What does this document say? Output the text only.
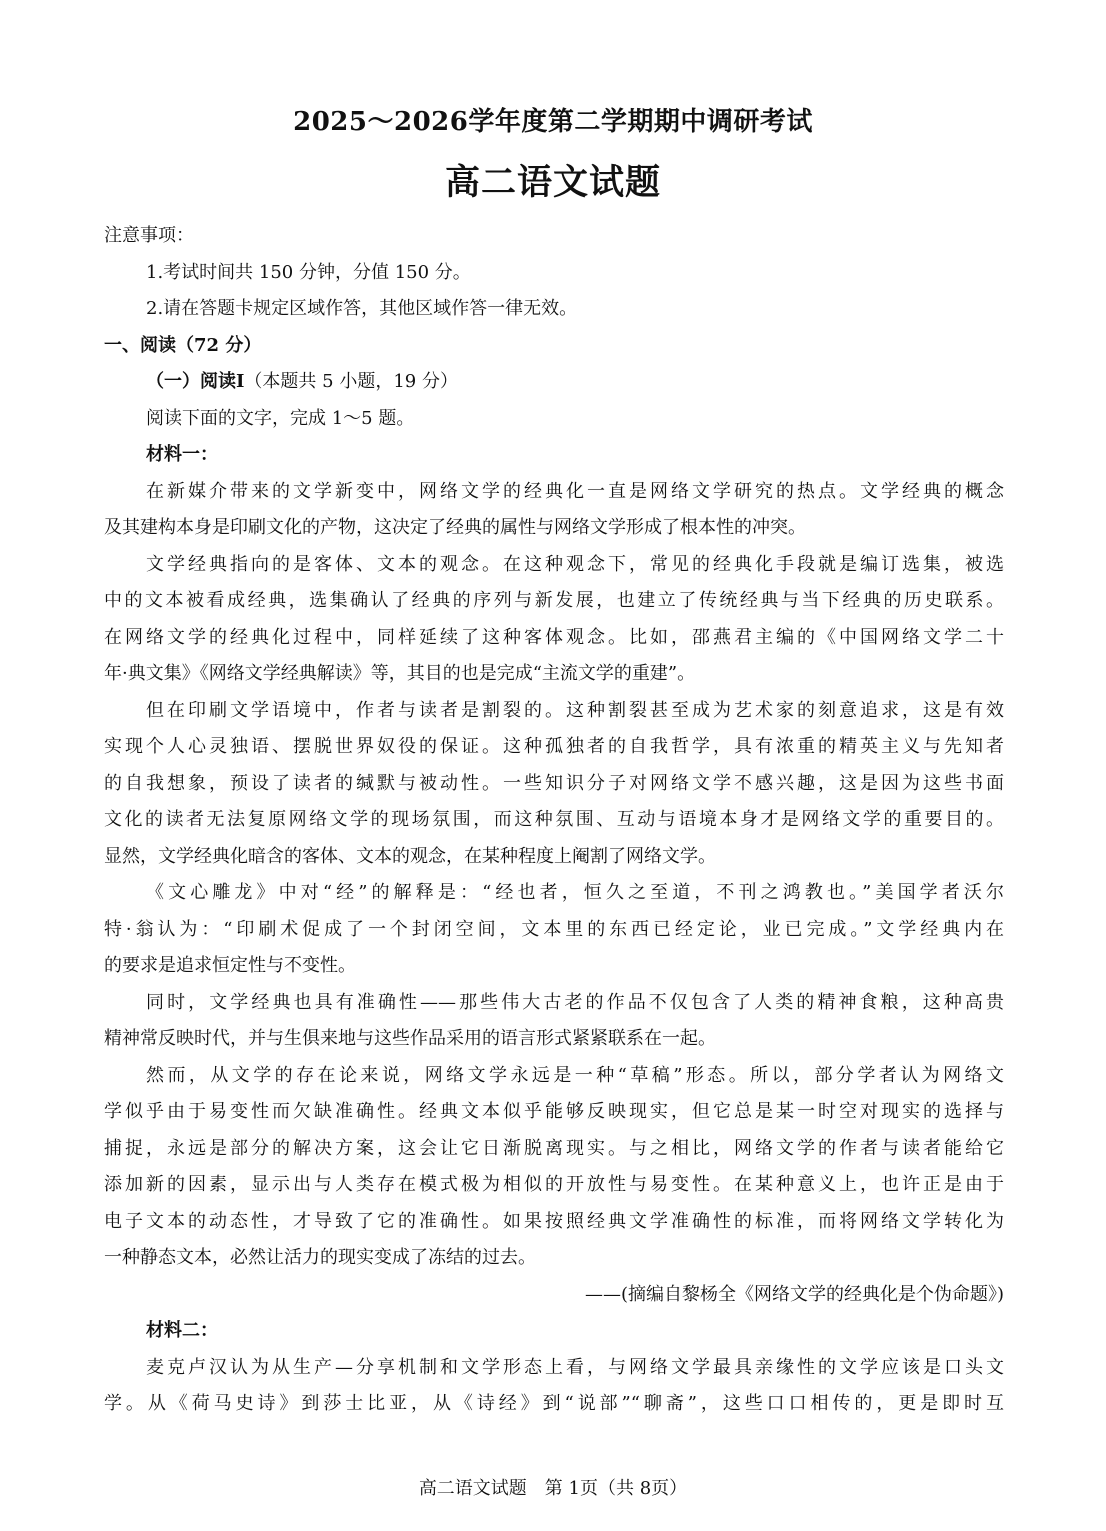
2025～2026学年度第二学期期中调研考试
高二语文试题
注意事项：
1.考试时间共 150 分钟，分值 150 分。
2.请在答题卡规定区域作答，其他区域作答一律无效。
一、阅读（72 分）
（一）阅读Ⅰ（本题共 5 小题，19 分）
阅读下面的文字，完成 1～5 题。
材料一：
在新媒介带来的文学新变中，网络文学的经典化一直是网络文学研究的热点。文学经典的概念
及其建构本身是印刷文化的产物，这决定了经典的属性与网络文学形成了根本性的冲突。
文学经典指向的是客体、文本的观念。在这种观念下，常见的经典化手段就是编订选集，被选
中的文本被看成经典，选集确认了经典的序列与新发展，也建立了传统经典与当下经典的历史联系。
在网络文学的经典化过程中，同样延续了这种客体观念。比如，邵燕君主编的《中国网络文学二十
年·典文集》《网络文学经典解读》等，其目的也是完成“主流文学的重建”。
但在印刷文学语境中，作者与读者是割裂的。这种割裂甚至成为艺术家的刻意追求，这是有效
实现个人心灵独语、摆脱世界奴役的保证。这种孤独者的自我哲学，具有浓重的精英主义与先知者
的自我想象，预设了读者的缄默与被动性。一些知识分子对网络文学不感兴趣，这是因为这些书面
文化的读者无法复原网络文学的现场氛围，而这种氛围、互动与语境本身才是网络文学的重要目的。
显然，文学经典化暗含的客体、文本的观念，在某种程度上阉割了网络文学。
《文心雕龙》中对“经”的解释是：“经也者，恒久之至道，不刊之鸿教也。”美国学者沃尔
特·翁认为：“印刷术促成了一个封闭空间，文本里的东西已经定论，业已完成。”文学经典内在
的要求是追求恒定性与不变性。
同时，文学经典也具有准确性——那些伟大古老的作品不仅包含了人类的精神食粮，这种高贵
精神常反映时代，并与生俱来地与这些作品采用的语言形式紧紧联系在一起。
然而，从文学的存在论来说，网络文学永远是一种“草稿”形态。所以，部分学者认为网络文
学似乎由于易变性而欠缺准确性。经典文本似乎能够反映现实，但它总是某一时空对现实的选择与
捕捉，永远是部分的解决方案，这会让它日渐脱离现实。与之相比，网络文学的作者与读者能给它
添加新的因素，显示出与人类存在模式极为相似的开放性与易变性。在某种意义上，也许正是由于
电子文本的动态性，才导致了它的准确性。如果按照经典文学准确性的标准，而将网络文学转化为
一种静态文本，必然让活力的现实变成了冻结的过去。
——(摘编自黎杨全《网络文学的经典化是个伪命题》)
材料二：
麦克卢汉认为从生产—分享机制和文学形态上看，与网络文学最具亲缘性的文学应该是口头文
学。从《荷马史诗》到莎士比亚，从《诗经》到“说部”“聊斋”，这些口口相传的，更是即时互
高二语文试题　第 1页（共 8页）
